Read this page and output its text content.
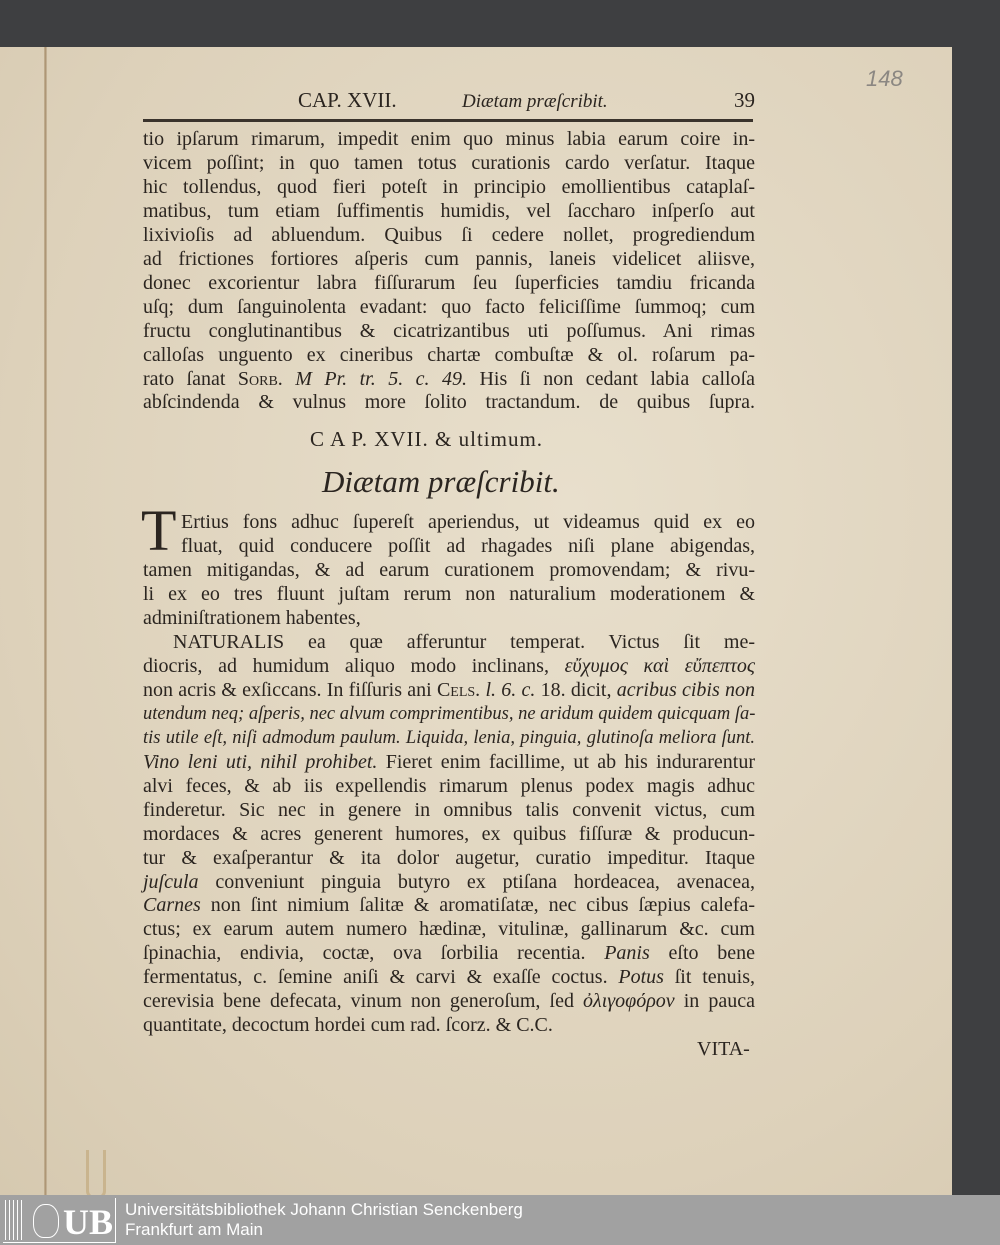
148
CAP. XVII.	Diætam præſcribit.	39
tio ipſarum rimarum, impedit enim quo minus labia earum coire in-
vicem poſſint; in quo tamen totus curationis cardo verſatur. Itaque
hic tollendus, quod fieri poteſt in principio emollientibus cataplaſ-
matibus, tum etiam ſuffimentis humidis, vel ſaccharo inſperſo aut
lixivioſis ad abluendum. Quibus ſi cedere nollet, progrediendum
ad frictiones fortiores aſperis cum pannis, laneis videlicet aliisve,
donec excorientur labra fiſſurarum ſeu ſuperficies tamdiu fricanda
uſq; dum ſanguinolenta evadant: quo facto feliciſſime ſummoq; cum
fructu conglutinantibus & cicatrizantibus uti poſſumus. Ani rimas
calloſas unguento ex cineribus chartæ combuſtæ & ol. roſarum pa-
rato ſanat Sorb. M Pr. tr. 5. c. 49. His ſi non cedant labia calloſa
abſcindenda & vulnus more ſolito tractandum. de quibus ſupra.
C A P. XVII. & ultimum.
Diætam præſcribit.
T Ertius fons adhuc ſupereſt aperiendus, ut videamus quid ex eo
fluat, quid conducere poſſit ad rhagades niſi plane abigendas,
tamen mitigandas, & ad earum curationem promovendam; & rivu-
li ex eo tres fluunt juſtam rerum non naturalium moderationem &
adminiſtrationem habentes,
NATURALIS ea quæ afferuntur temperat. Victus ſit me-
diocris, ad humidum aliquo modo inclinans, εὔχυμος καὶ εὔπεπτος
non acris & exſiccans. In fiſſuris ani Cels. l. 6. c. 18. dicit, acribus cibis non
utendum neq; aſperis, nec alvum comprimentibus, ne aridum quidem quicquam ſa-
tis utile eſt, niſi admodum paulum. Liquida, lenia, pinguia, glutinoſa meliora ſunt.
Vino leni uti, nihil prohibet. Fieret enim facillime, ut ab his indurarentur
alvi feces, & ab iis expellendis rimarum plenus podex magis adhuc
finderetur. Sic nec in genere in omnibus talis convenit victus, cum
mordaces & acres generent humores, ex quibus fiſſuræ & producun-
tur & exaſperantur & ita dolor augetur, curatio impeditur. Itaque
juſcula conveniunt pinguia butyro ex ptiſana hordeacea, avenacea,
Carnes non ſint nimium ſalitæ & aromatiſatæ, nec cibus ſæpius calefa-
ctus; ex earum autem numero hædinæ, vitulinæ, gallinarum &c. cum
ſpinachia, endivia, coctæ, ova ſorbilia recentia. Panis eſto bene
fermentatus, c. ſemine aniſi & carvi & exaſſe coctus. Potus ſit tenuis,
cerevisia bene defecata, vinum non generoſum, ſed ὀλιγοφόρον in pauca
quantitate, decoctum hordei cum rad. ſcorz. & C.C.
VITA-
UB Universitätsbibliothek Johann Christian Senckenberg
Frankfurt am Main
